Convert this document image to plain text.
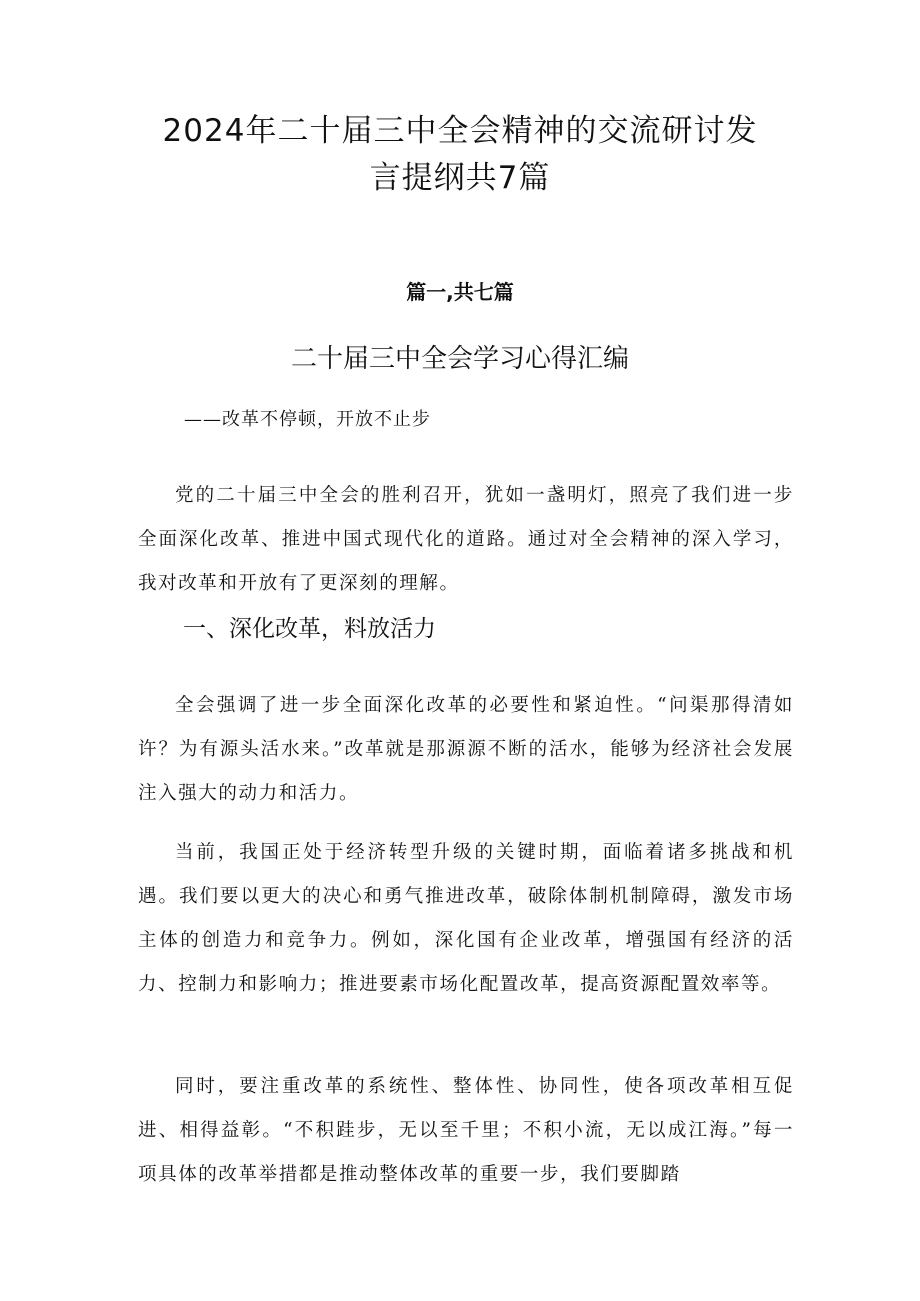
2024年二十届三中全会精神的交流研讨发
言提纲共7篇
篇一,共七篇
二十届三中全会学习心得汇编
——改革不停顿，开放不止步

党的二十届三中全会的胜利召开，犹如一盏明灯，照亮了我们进一步全面深化改革、推进中国式现代化的道路。通过对全会精神的深入学习，我对改革和开放有了更深刻的理解。

一、深化改革，料放活力

全会强调了进一步全面深化改革的必要性和紧迫性。“问渠那得清如许？为有源头活水来。”改革就是那源源不断的活水，能够为经济社会发展注入强大的动力和活力。

当前，我国正处于经济转型升级的关键时期，面临着诸多挑战和机遇。我们要以更大的决心和勇气推进改革，破除体制机制障碍，激发市场主体的创造力和竞争力。例如，深化国有企业改革，增强国有经济的活力、控制力和影响力；推进要素市场化配置改革，提高资源配置效率等。

同时，要注重改革的系统性、整体性、协同性，使各项改革相互促进、相得益彰。“不积跬步，无以至千里；不积小流，无以成江海。”每一项具体的改革举措都是推动整体改革的重要一步，我们要脚踏
